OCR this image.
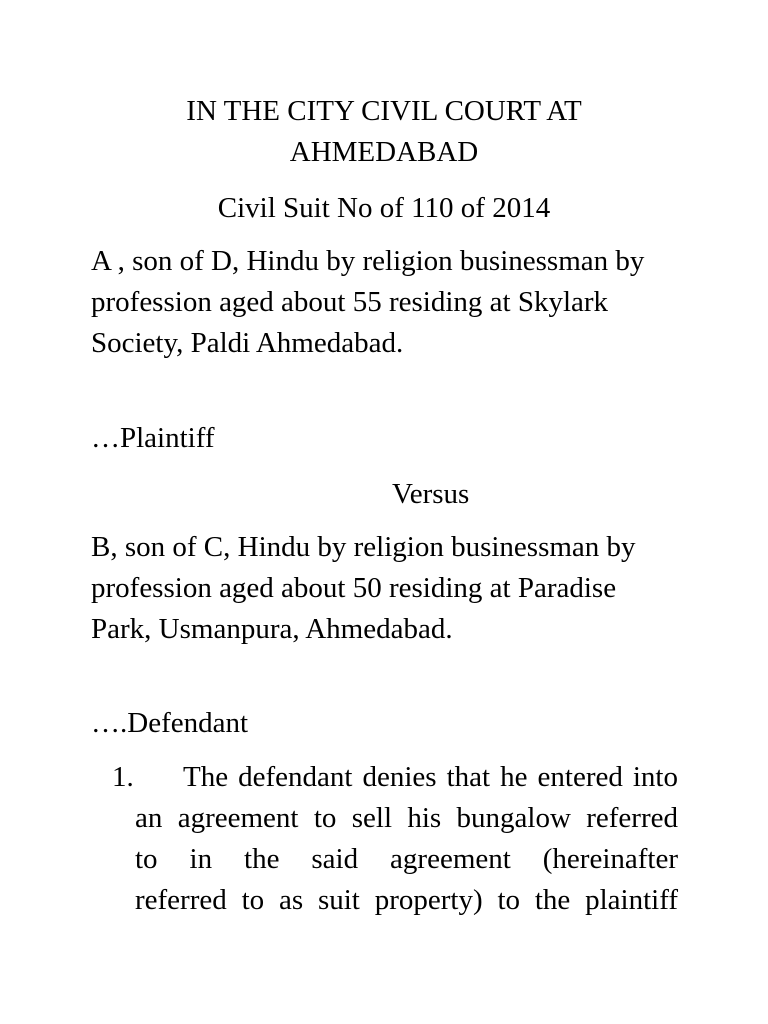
IN THE CITY CIVIL COURT AT
AHMEDABAD
Civil Suit No of 110 of 2014
A , son of D, Hindu by religion businessman by
profession aged about 55 residing at Skylark
Society, Paldi Ahmedabad.
…Plaintiff
Versus
B, son of C, Hindu by religion businessman by
profession aged about 50 residing at Paradise
Park, Usmanpura, Ahmedabad.
….Defendant
1.	The defendant denies that he entered into
an agreement to sell his bungalow referred
to in the said agreement (hereinafter
referred to as suit property) to the plaintiff
